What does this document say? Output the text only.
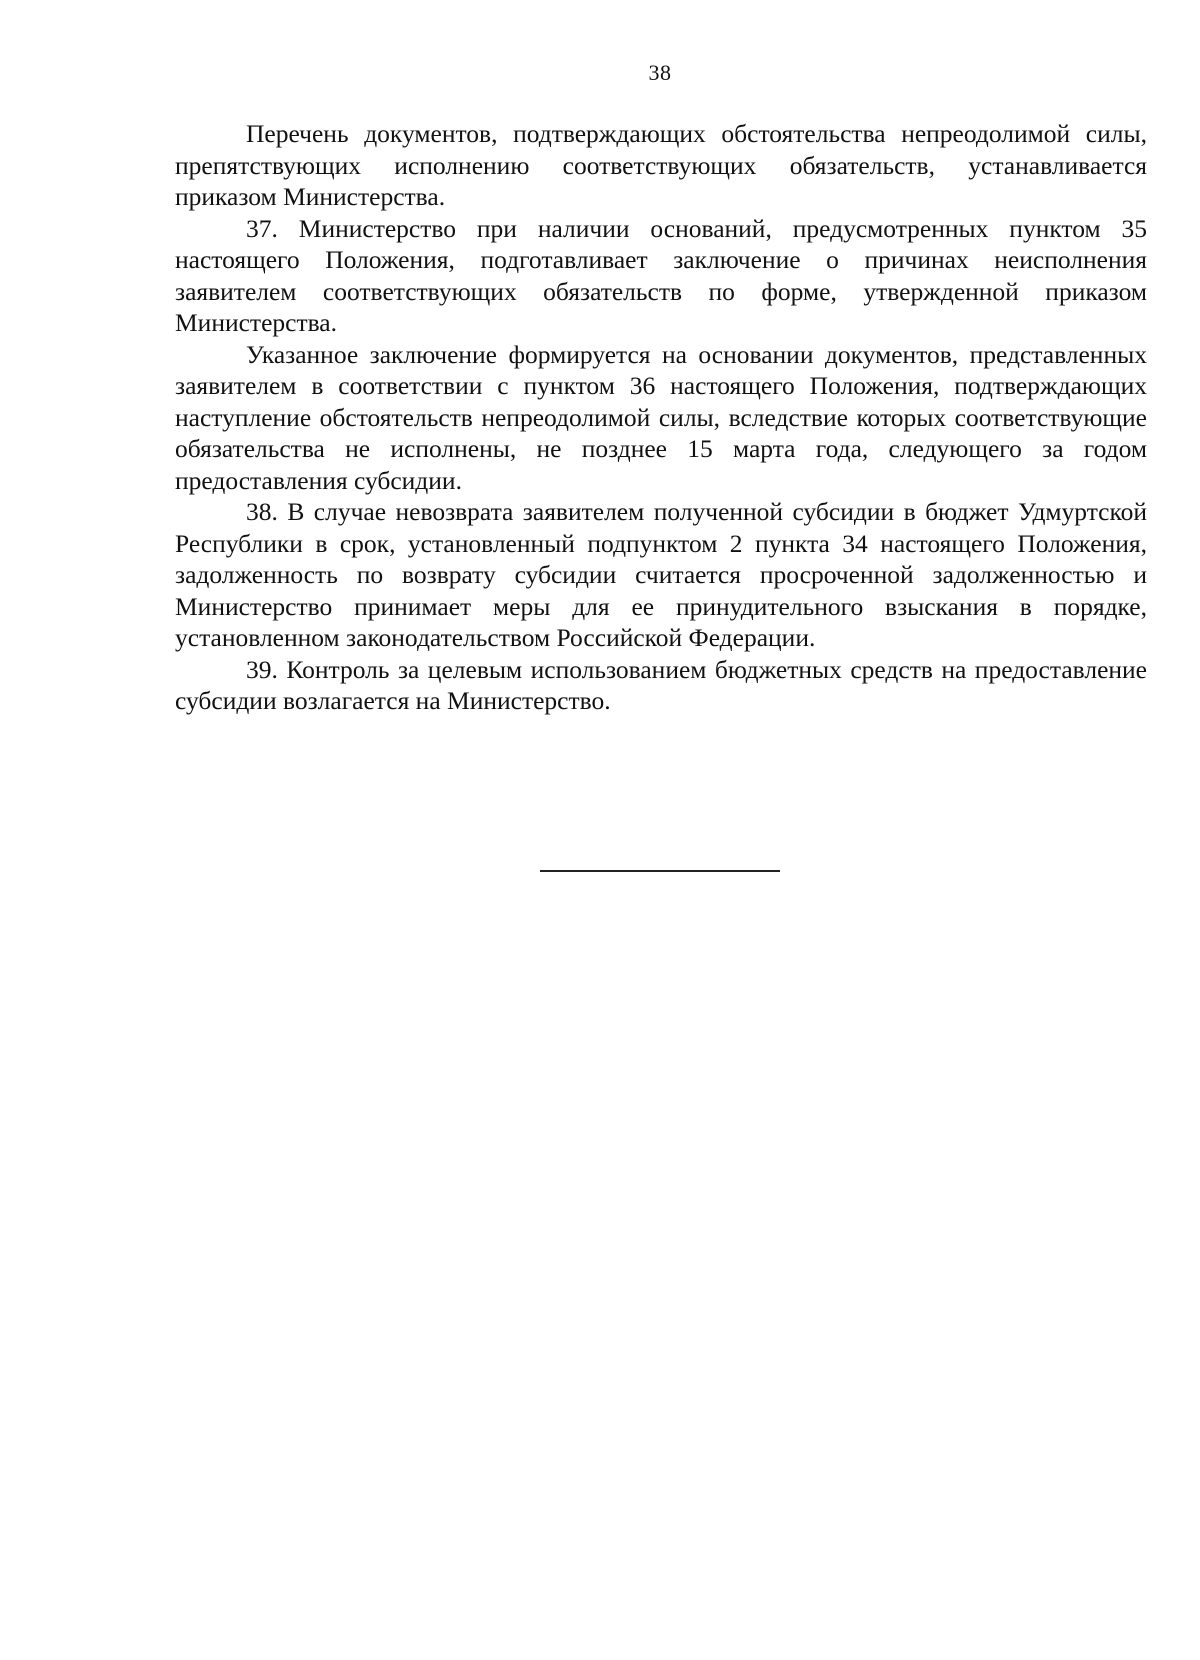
38

Перечень документов, подтверждающих обстоятельства непреодолимой силы, препятствующих исполнению соответствующих обязательств, устанавливается приказом Министерства.

37. Министерство при наличии оснований, предусмотренных пунктом 35 настоящего Положения, подготавливает заключение о причинах неисполнения заявителем соответствующих обязательств по форме, утвержденной приказом Министерства.

Указанное заключение формируется на основании документов, представленных заявителем в соответствии с пунктом 36 настоящего Положения, подтверждающих наступление обстоятельств непреодолимой силы, вследствие которых соответствующие обязательства не исполнены, не позднее 15 марта года, следующего за годом предоставления субсидии.

38. В случае невозврата заявителем полученной субсидии в бюджет Удмуртской Республики в срок, установленный подпунктом 2 пункта 34 настоящего Положения, задолженность по возврату субсидии считается просроченной задолженностью и Министерство принимает меры для ее принудительного взыскания в порядке, установленном законодательством Российской Федерации.

39. Контроль за целевым использованием бюджетных средств на предоставление субсидии возлагается на Министерство.
